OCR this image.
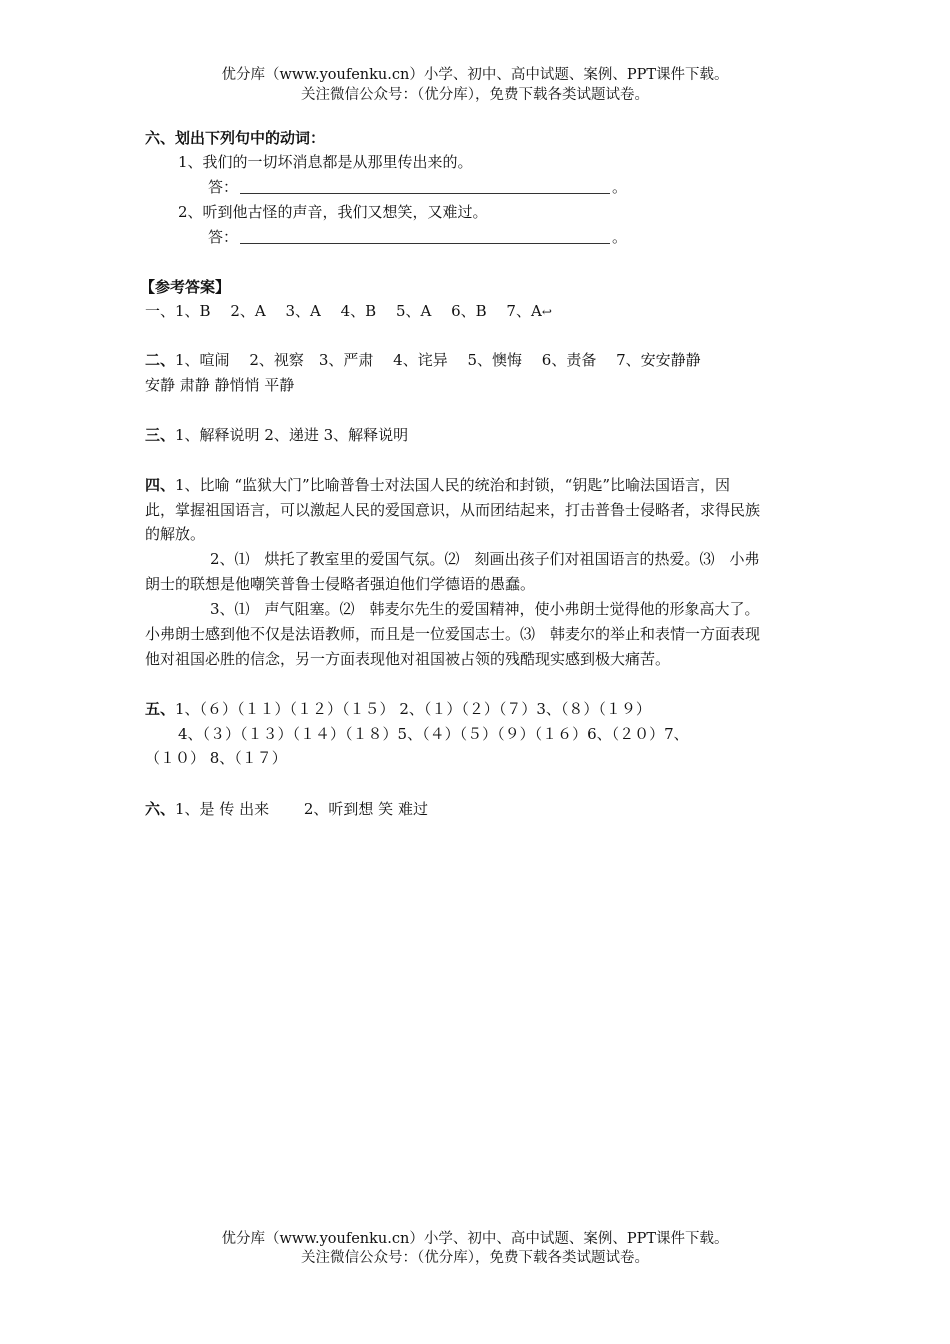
优分库（www.youfenku.cn）小学、初中、高中试题、案例、PPT课件下载。
关注微信公众号：（优分库），免费下载各类试题试卷。
六、划出下列句中的动词：
1、我们的一切坏消息都是从那里传出来的。
答：	。
2、听到他古怪的声音，我们又想笑，又难过。
答：	。
【参考答案】
一、1、B　 2、A　 3、A　 4、B　 5、A　 6、B　 7、A↩
二、1、喧闹　 2、视察　3、严肃　 4、诧异　 5、懊悔　 6、责备　 7、安安静静
安静 肃静 静悄悄 平静
三、1、解释说明 2、递进 3、解释说明
四、1、比喻 “监狱大门”比喻普鲁士对法国人民的统治和封锁，“钥匙”比喻法国语言，因
此，掌握祖国语言，可以激起人民的爱国意识，从而团结起来，打击普鲁士侵略者，求得民族
的解放。
2、⑴　烘托了教室里的爱国气氛。⑵　刻画出孩子们对祖国语言的热爱。⑶　小弗
朗士的联想是他嘲笑普鲁士侵略者强迫他们学德语的愚蠢。
3、⑴　声气阻塞。⑵　韩麦尔先生的爱国精神，使小弗朗士觉得他的形象高大了。
小弗朗士感到他不仅是法语教师，而且是一位爱国志士。⑶　韩麦尔的举止和表情一方面表现
他对祖国必胜的信念，另一方面表现他对祖国被占领的残酷现实感到极大痛苦。
五、1、（６）（１１）（１２）（１５） 2、（１）（２）（７）3、（８）（１９）
4、（３）（１３）（１４）（１８）5、（４）（５）（９）（１６）6、（２０）7、
（１０） 8、（１７）
六、1、是 传 出来　　 2、听到想 笑 难过
优分库（www.youfenku.cn）小学、初中、高中试题、案例、PPT课件下载。
关注微信公众号：（优分库），免费下载各类试题试卷。
